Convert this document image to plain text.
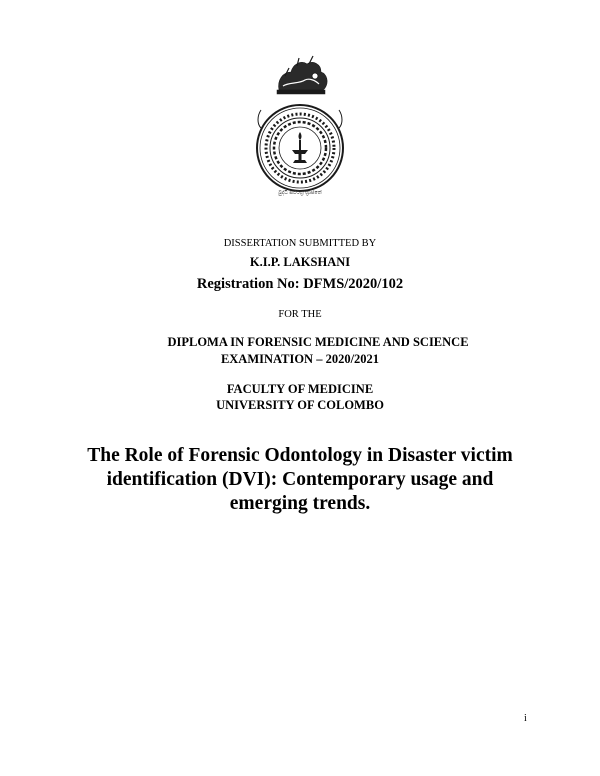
බුද්ධි සර්වත්‍ර භ්‍රාජතේ
DISSERTATION SUBMITTED BY
K.I.P. LAKSHANI
Registration No: DFMS/2020/102
FOR THE
DIPLOMA IN FORENSIC MEDICINE AND SCIENCE
EXAMINATION – 2020/2021
FACULTY OF MEDICINE
UNIVERSITY OF COLOMBO
The Role of Forensic Odontology in Disaster victim
identification (DVI): Contemporary usage and
emerging trends.
i
